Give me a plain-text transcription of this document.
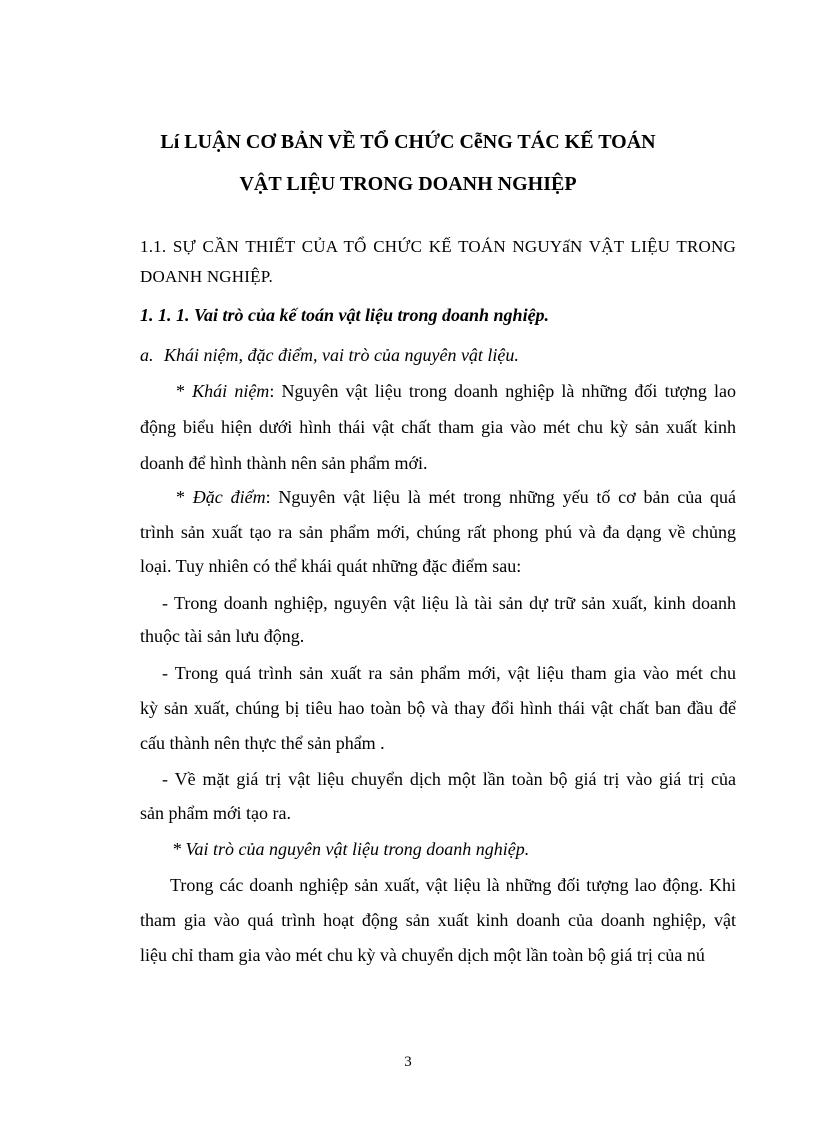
Lí LUẬN CƠ BẢN VỀ TỔ CHỨC CễNG TÁC KẾ TOÁN
VẬT LIỆU TRONG DOANH NGHIỆP
1.1. SỰ CẦN THIẾT CỦA TỔ CHỨC KẾ TOÁN NGUYấN VẬT LIỆU TRONG
DOANH NGHIỆP.
1. 1. 1. Vai trò của kế toán vật liệu trong doanh nghiệp.
a. Khái niệm, đặc điểm, vai trò của nguyên vật liệu.
* Khái niệm: Nguyên vật liệu trong doanh nghiệp là những đối tượng lao
động biểu hiện dưới hình thái vật chất tham gia vào mét chu kỳ sản xuất kinh
doanh để hình thành nên sản phẩm mới.
* Đặc điểm: Nguyên vật liệu là mét trong những yếu tố cơ bản của quá
trình sản xuất tạo ra sản phẩm mới, chúng rất phong phú và đa dạng về chủng
loại. Tuy nhiên có thể khái quát những đặc điểm sau:
- Trong doanh nghiệp, nguyên vật liệu là tài sản dự trữ sản xuất, kinh doanh
thuộc tài sản lưu động.
- Trong quá trình sản xuất ra sản phẩm mới, vật liệu tham gia vào mét chu
kỳ sản xuất, chúng bị tiêu hao toàn bộ và thay đổi hình thái vật chất ban đầu để
cấu thành nên thực thể sản phẩm .
- Về mặt giá trị vật liệu chuyển dịch một lần toàn bộ giá trị vào giá trị của
sản phẩm mới tạo ra.
* Vai trò của nguyên vật liệu trong doanh nghiệp.
Trong các doanh nghiệp sản xuất, vật liệu là những đối tượng lao động. Khi
tham gia vào quá trình hoạt động sản xuất kinh doanh của doanh nghiệp, vật
liệu chỉ tham gia vào mét chu kỳ và chuyển dịch một lần toàn bộ giá trị của nú
3
